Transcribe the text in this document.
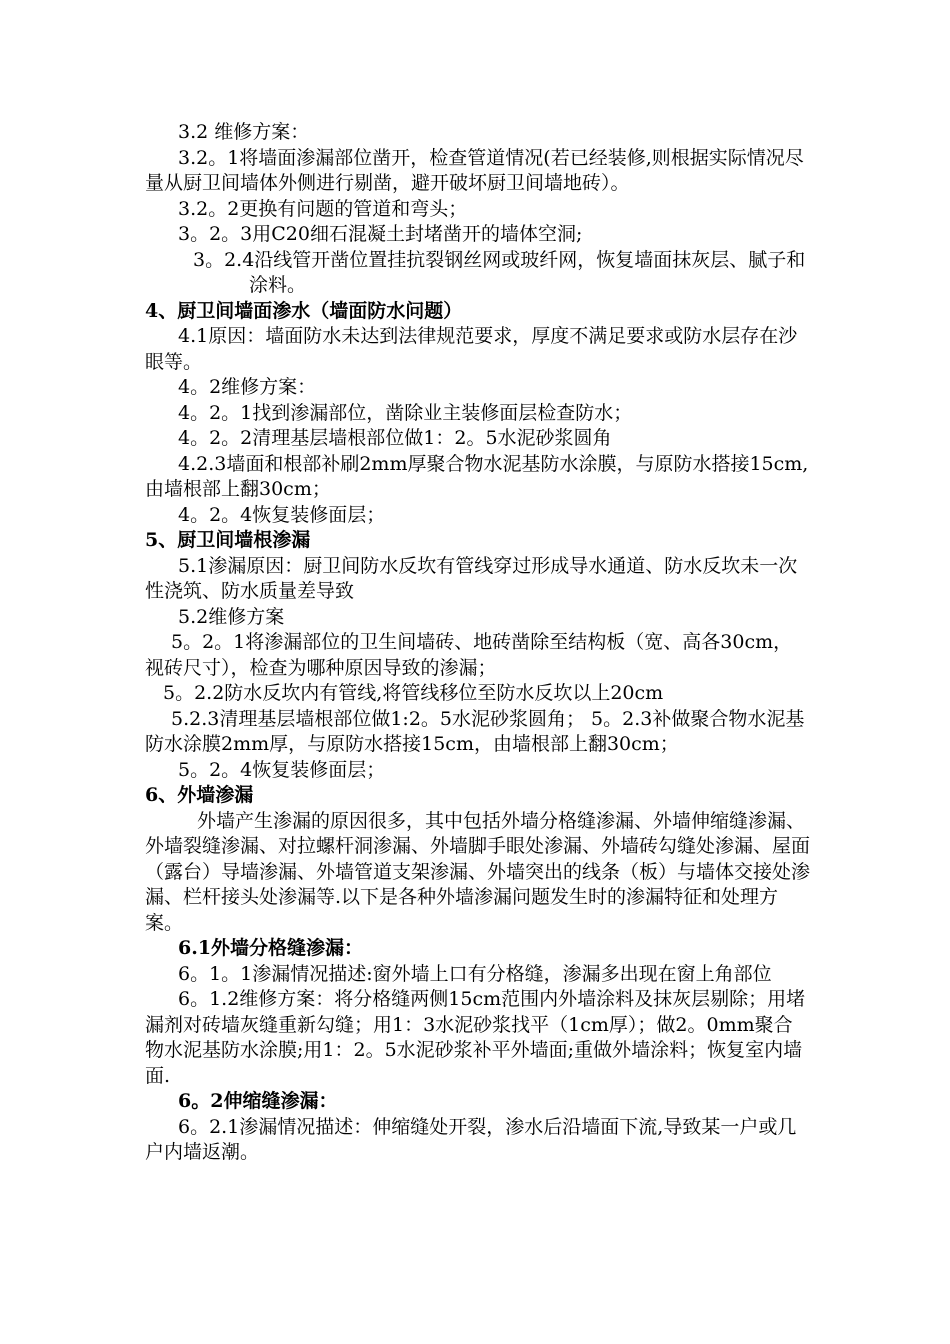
3.2 维修方案：

3.2。1将墙面渗漏部位凿开，检查管道情况(若已经装修,则根据实际情况尽量从厨卫间墙体外侧进行剔凿，避开破坏厨卫间墙地砖）。

3.2。2更换有问题的管道和弯头；

3。2。3用C20细石混凝土封堵凿开的墙体空洞;

3。2.4沿线管开凿位置挂抗裂钢丝网或玻纤网，恢复墙面抹灰层、腻子和涂料。

4、厨卫间墙面渗水（墙面防水问题）

4.1原因：墙面防水未达到法律规范要求，厚度不满足要求或防水层存在沙眼等。

4。2维修方案：

4。2。1找到渗漏部位，凿除业主装修面层检查防水；

4。2。2清理基层墙根部位做1：2。5水泥砂浆圆角

4.2.3墙面和根部补刷2mm厚聚合物水泥基防水涂膜，与原防水搭接15cm,由墙根部上翻30cm；

4。2。4恢复装修面层；

5、厨卫间墙根渗漏

5.1渗漏原因：厨卫间防水反坎有管线穿过形成导水通道、防水反坎未一次性浇筑、防水质量差导致

5.2维修方案

5。2。1将渗漏部位的卫生间墙砖、地砖凿除至结构板（宽、高各30cm，视砖尺寸），检查为哪种原因导致的渗漏；

5。2.2防水反坎内有管线,将管线移位至防水反坎以上20cm

5.2.3清理基层墙根部位做1:2。5水泥砂浆圆角； 5。2.3补做聚合物水泥基防水涂膜2mm厚，与原防水搭接15cm，由墙根部上翻30cm；

5。2。4恢复装修面层；

6、外墙渗漏

外墙产生渗漏的原因很多，其中包括外墙分格缝渗漏、外墙伸缩缝渗漏、外墙裂缝渗漏、对拉螺杆洞渗漏、外墙脚手眼处渗漏、外墙砖勾缝处渗漏、屋面（露台）导墙渗漏、外墙管道支架渗漏、外墙突出的线条（板）与墙体交接处渗漏、栏杆接头处渗漏等.以下是各种外墙渗漏问题发生时的渗漏特征和处理方案。

6.1外墙分格缝渗漏：

6。1。1渗漏情况描述:窗外墙上口有分格缝，渗漏多出现在窗上角部位

6。1.2维修方案：将分格缝两侧15cm范围内外墙涂料及抹灰层剔除；用堵漏剂对砖墙灰缝重新勾缝；用1：3水泥砂浆找平（1cm厚）；做2。0mm聚合物水泥基防水涂膜;用1：2。5水泥砂浆补平外墙面;重做外墙涂料；恢复室内墙面.

6。2伸缩缝渗漏：

6。2.1渗漏情况描述：伸缩缝处开裂，渗水后沿墙面下流,导致某一户或几户内墙返潮。
